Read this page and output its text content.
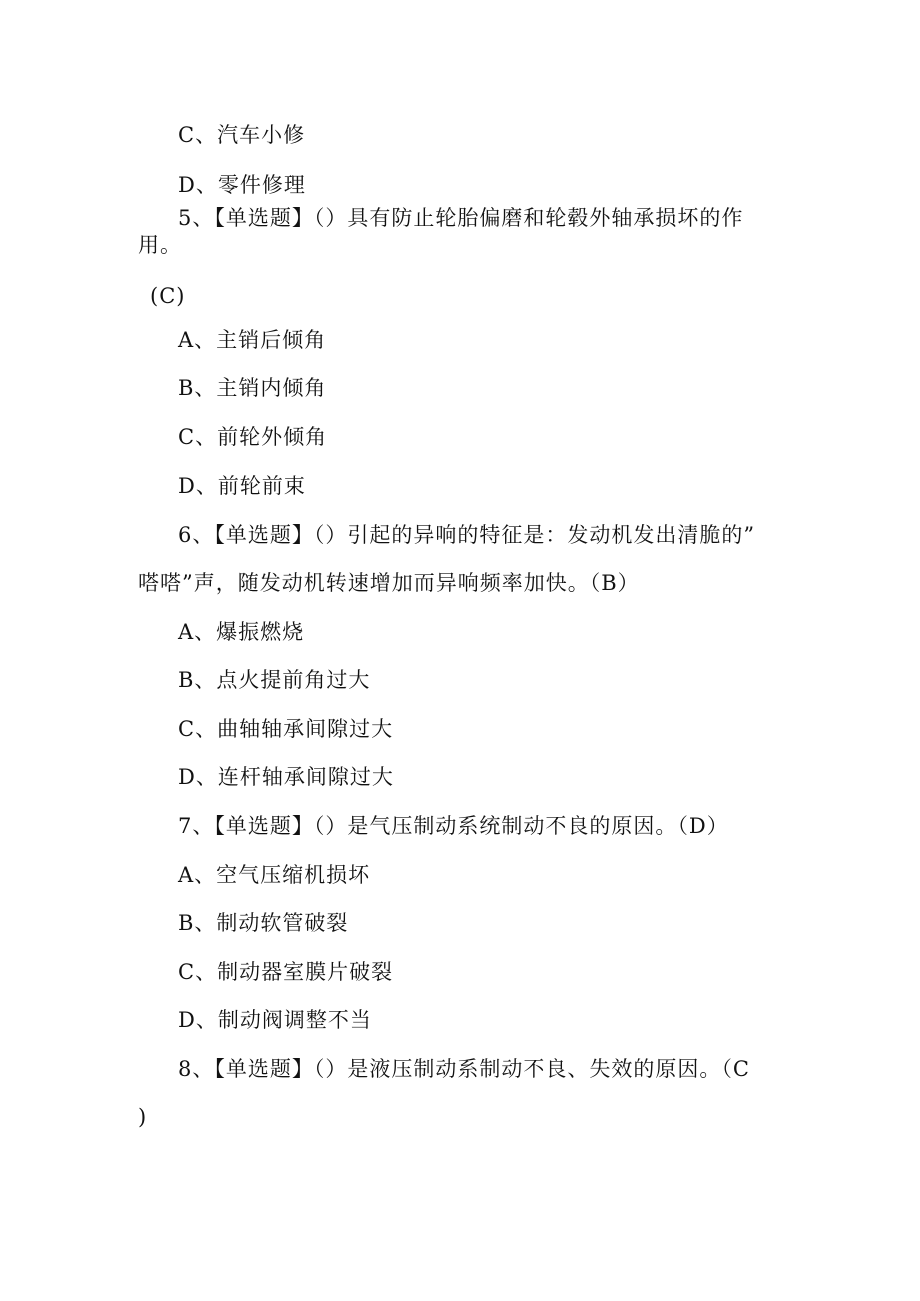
C、汽车小修
D、零件修理
5、【单选题】（）具有防止轮胎偏磨和轮毂外轴承损坏的作
用。
(C)
A、主销后倾角
B、主销内倾角
C、前轮外倾角
D、前轮前束
6、【单选题】（）引起的异响的特征是：发动机发出清脆的”
嗒嗒”声，随发动机转速增加而异响频率加快。（B）
A、爆振燃烧
B、点火提前角过大
C、曲轴轴承间隙过大
D、连杆轴承间隙过大
7、【单选题】（）是气压制动系统制动不良的原因。（D）
A、空气压缩机损坏
B、制动软管破裂
C、制动器室膜片破裂
D、制动阀调整不当
8、【单选题】（）是液压制动系制动不良、失效的原因。（C
)
